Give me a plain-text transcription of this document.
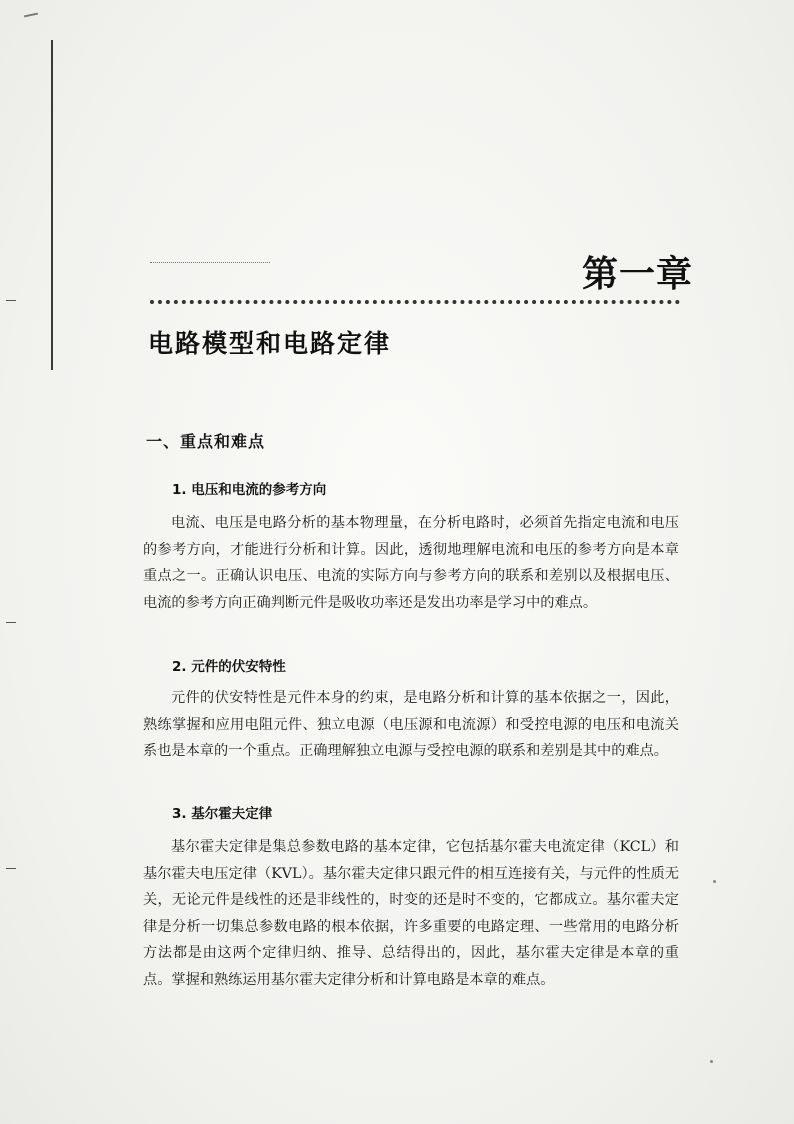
第一章
电路模型和电路定律
一、重点和难点
1. 电压和电流的参考方向

电流、电压是电路分析的基本物理量，在分析电路时，必须首先指定电流和电压的参考方向，才能进行分析和计算。因此，透彻地理解电流和电压的参考方向是本章重点之一。正确认识电压、电流的实际方向与参考方向的联系和差别以及根据电压、电流的参考方向正确判断元件是吸收功率还是发出功率是学习中的难点。

2. 元件的伏安特性

元件的伏安特性是元件本身的约束，是电路分析和计算的基本依据之一，因此，熟练掌握和应用电阻元件、独立电源（电压源和电流源）和受控电源的电压和电流关系也是本章的一个重点。正确理解独立电源与受控电源的联系和差别是其中的难点。

3. 基尔霍夫定律

基尔霍夫定律是集总参数电路的基本定律，它包括基尔霍夫电流定律（KCL）和基尔霍夫电压定律（KVL）。基尔霍夫定律只跟元件的相互连接有关，与元件的性质无关，无论元件是线性的还是非线性的，时变的还是时不变的，它都成立。基尔霍夫定律是分析一切集总参数电路的根本依据，许多重要的电路定理、一些常用的电路分析方法都是由这两个定律归纳、推导、总结得出的，因此，基尔霍夫定律是本章的重点。掌握和熟练运用基尔霍夫定律分析和计算电路是本章的难点。
